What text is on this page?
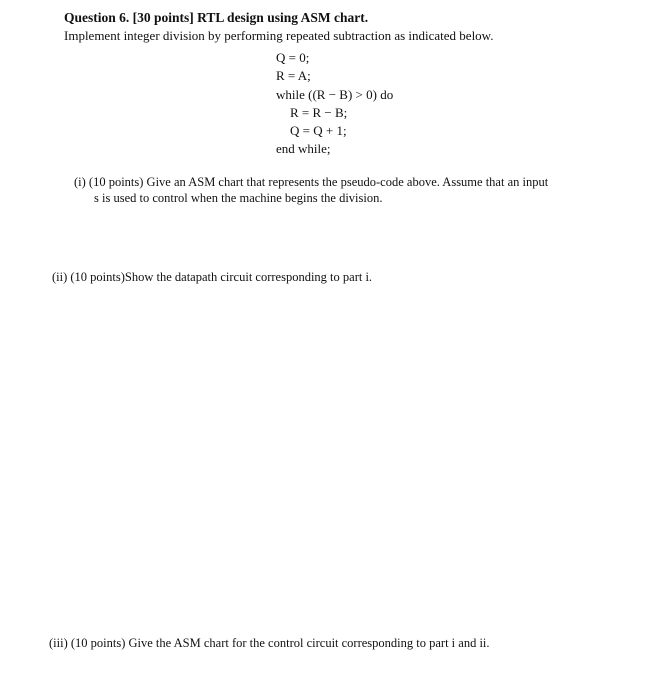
Question 6. [30 points] RTL design using ASM chart.
Implement integer division by performing repeated subtraction as indicated below.
Q = 0;
R = A;
while ((R − B) > 0) do
R = R − B;
Q = Q + 1;
end while;
(i) (10 points) Give an ASM chart that represents the pseudo-code above. Assume that an input
s is used to control when the machine begins the division.
(ii) (10 points)Show the datapath circuit corresponding to part i.
(iii) (10 points) Give the ASM chart for the control circuit corresponding to part i and ii.
